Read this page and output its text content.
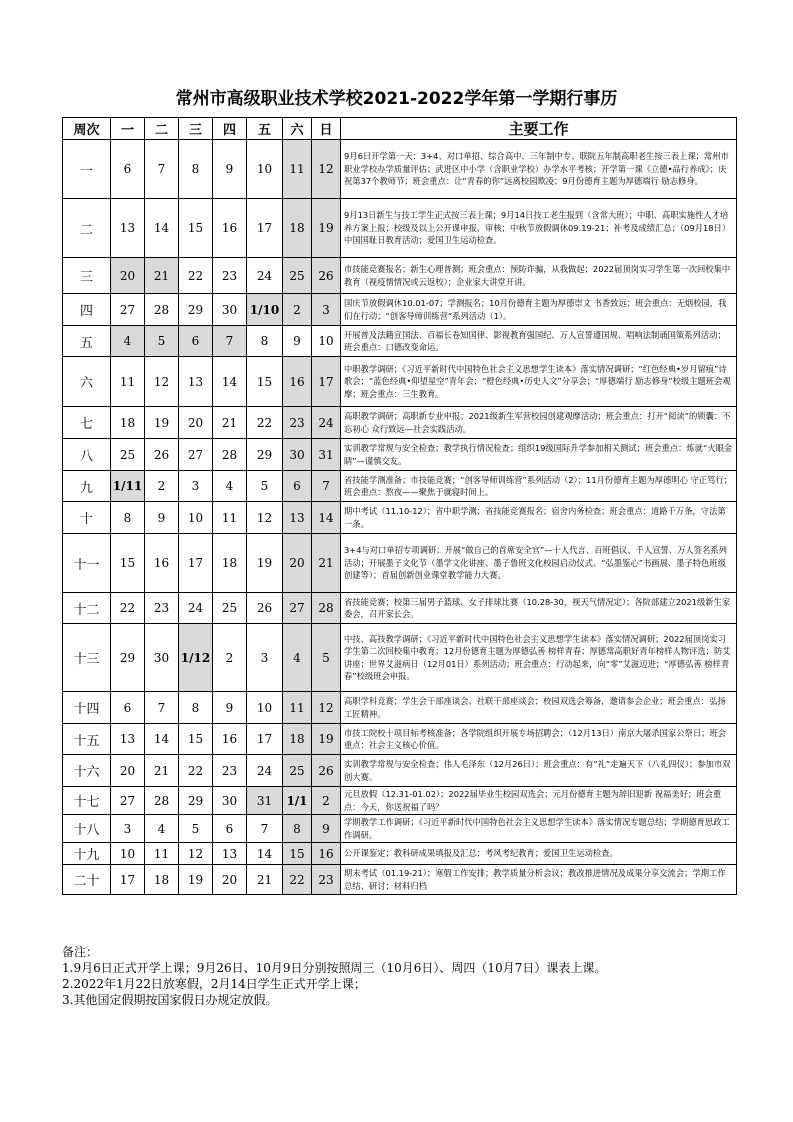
常州市高级职业技术学校2021-2022学年第一学期行事历
周次	一	二	三	四	五	六	日	主要工作
一	6	7	8	9	10	11	12	9月6日开学第一天：3+4、对口单招、综合高中、三年制中专、联院五年制高职老生按三表上课；常州市职业学校办学质量评估；武进区中小学（含职业学校）办学水平考核；开学第一课《立德•品行养成》；庆祝第37个教师节；班会重点：让“青春的你”远离校园欺凌；9月份德育主题为厚德端行 励志修身。
二	13	14	15	16	17	18	19	9月13日新生与技工学生正式按三表上课；9月14日技工老生报到（含常大班）；中职、高职实施性人才培养方案上报；校级及以上公开课申报、审核；中秋节放假调休09.19-21；补考及成绩汇总；（09月18日）中国国耻日教育活动；爱国卫生运动检查。
三	20	21	22	23	24	25	26	市技能竞赛报名；新生心理普测；班会重点：预防诈骗，从我做起；2022届顶岗实习学生第一次回校集中教育（视疫情情况或云返校）；企业家大讲堂开讲。
四	27	28	29	30	1/10	2	3	国庆节放假调休10.01-07；学测报名；10月份德育主题为厚德崇文 书香致远；班会重点：无烟校园，我们在行动；“创客导师训练营”系列活动（1）。
五	4	5	6	7	8	9	10	开展普及法籍宣国法、百福长卷知国律、影视教育强国纪、万人宣誓遵国规、唱响法制诵国策系列活动；班会重点：口德改变命运。
六	11	12	13	14	15	16	17	中职教学调研；《习近平新时代中国特色社会主义思想学生读本》落实情况调研；“红色经典•岁月留痕”诗歌会；“蓝色经典•仰望星空”青年会；“橙色经典•历史人文”分享会；“厚德端行 励志修身”校级主题班会观摩；班会重点：三生教育。
七	18	19	20	21	22	23	24	高职教学调研；高职新专业申报；2021级新生军营校园创建观摩活动；班会重点：打开“阅读”的锁囊：不忘初心 众行致远—社会实践活动。
八	25	26	27	28	29	30	31	实训教学常规与安全检查；教学执行情况检查；组织19级国际升学参加相关测试；班会重点：炼就“火眼金睛”—谨慎交友。
九	1/11	2	3	4	5	6	7	省技能学测准备；市技能竞赛；“创客导师训练营”系列活动（2）；11月份德育主题为厚德明心 守正笃行；班会重点：熬夜——聚焦于就寝时间上。
十	8	9	10	11	12	13	14	期中考试（11.10-12）；省中职学测；省技能竞赛报名；宿舍内务检查；班会重点：道路千万条，守法第一条。
十一	15	16	17	18	19	20	21	3+4与对口单招专项调研；开展“做自己的首席安全官”—十人代言、百班倡议、千人宣誓、万人签名系列活动；开展墨子文化节（墨学文化讲座、墨子鲁班文化校园启动仪式、“弘墨鉴心”书画展、墨子特色班级创建等）；首届创新创业课堂教学能力大赛。
十二	22	23	24	25	26	27	28	省技能竞赛；校第三届男子篮球、女子排球比赛（10.28-30，视天气情况定）；各院部建立2021级新生家委会，召开家长会。
十三	29	30	1/12	2	3	4	5	中技、高技教学调研；《习近平新时代中国特色社会主义思想学生读本》落实情况调研；2022届顶岗实习学生第二次回校集中教育；12月份德育主题为厚德弘善 榜样青春；厚德常高职好青年榜样人物评选；防艾讲座；世界艾滋病日（12月01日）系列活动；班会重点：行动起来，向“零”艾滋迈进；“厚德弘善 榜样青春”校级班会申报。
十四	6	7	8	9	10	11	12	高职学科竞赛；学生会干部座谈会、社联干部座谈会；校园双选会筹备，邀请参会企业；班会重点：弘扬工匠精神。
十五	13	14	15	16	17	18	19	市技工院校十项目标考核准备；各学院组织开展专场招聘会；（12月13日）南京大屠杀国家公祭日；班会重点：社会主义核心价值。
十六	20	21	22	23	24	25	26	实训教学常规与安全检查；伟人毛泽东（12月26日）；班会重点：有“礼”走遍天下（八礼四仪）；参加市双创大赛。
十七	27	28	29	30	31	1/1	2	元旦放假（12.31-01.02）；2022届毕业生校园双选会；元月份德育主题为辞旧迎新 祝福美好；班会重点：今天，你送祝福了吗？
十八	3	4	5	6	7	8	9	学期教学工作调研；《习近平新时代中国特色社会主义思想学生读本》落实情况专题总结；学期德育思政工作调研。
十九	10	11	12	13	14	15	16	公开课鉴定；教科研成果填报及汇总；考风考纪教育；爱国卫生运动检查。
二十	17	18	19	20	21	22	23	期末考试（01.19-21）；寒假工作安排；教学质量分析会议；教改推进情况及成果分享交流会；学期工作总结、研讨；材料归档
备注：
1.9月6日正式开学上课；9月26日、10月9日分别按照周三（10月6日）、周四（10月7日）课表上课。
2.2022年1月22日放寒假，2月14日学生正式开学上课；
3.其他国定假期按国家假日办规定放假。
